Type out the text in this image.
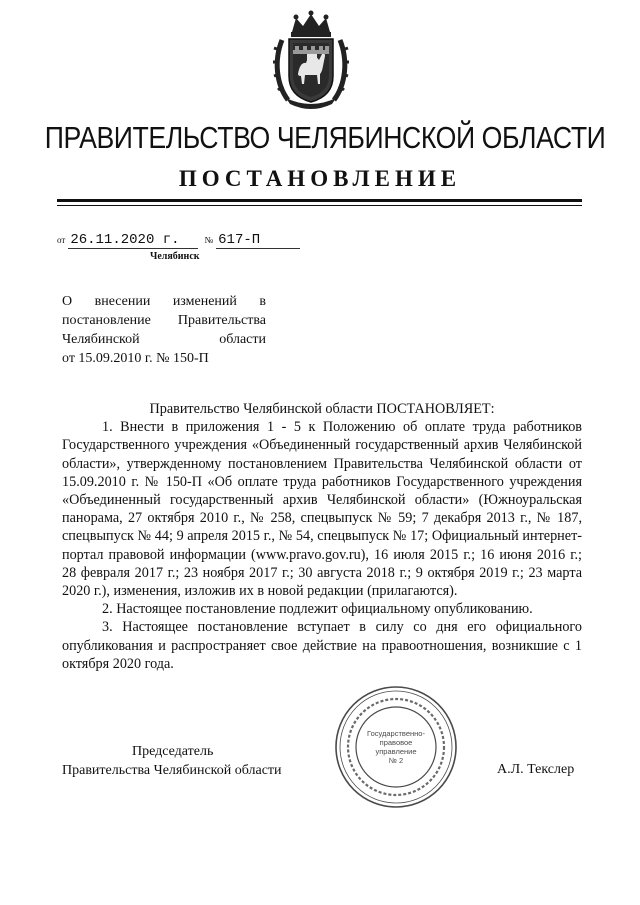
ПРАВИТЕЛЬСТВО ЧЕЛЯБИНСКОЙ ОБЛАСТИ
ПОСТАНОВЛЕНИЕ
от 26.11.2020 г.	№ 617-П
Челябинск
О внесении изменений в
постановление Правительства
Челябинской области
от 15.09.2010 г. № 150-П
Правительство Челябинской области ПОСТАНОВЛЯЕТ:

1. Внести в приложения 1 - 5 к Положению об оплате труда работников Государственного учреждения «Объединенный государственный архив Челябинской области», утвержденному постановлением Правительства Челябинской области от 15.09.2010 г. № 150-П «Об оплате труда работников Государственного учреждения «Объединенный государственный архив Челябинской области» (Южноуральская панорама, 27 октября 2010 г., № 258, спецвыпуск № 59; 7 декабря 2013 г., № 187, спецвыпуск № 44; 9 апреля 2015 г., № 54, спецвыпуск № 17; Официальный интернет-портал правовой информации (www.pravo.gov.ru), 16 июля 2015 г.; 16 июня 2016 г.; 28 февраля 2017 г.; 23 ноября 2017 г.; 30 августа 2018 г.; 9 октября 2019 г.; 23 марта 2020 г.), изменения, изложив их в новой редакции (прилагаются).

2. Настоящее постановление подлежит официальному опубликованию.

3. Настоящее постановление вступает в силу со дня его официального опубликования и распространяет свое действие на правоотношения, возникшие с 1 октября 2020 года.

Председатель
Правительства Челябинской области	А.Л. Текслер
Государственно-
правовое
управление
№ 2
